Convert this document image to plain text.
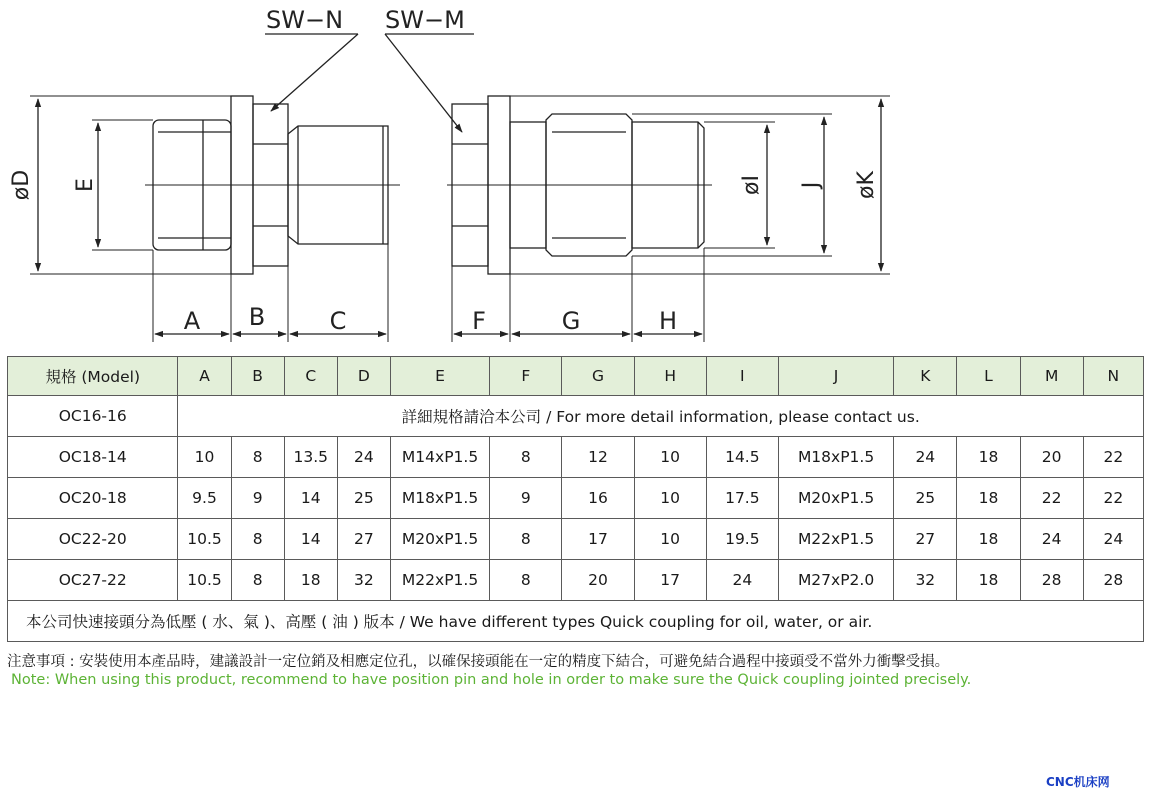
SW−N SW−M
øD E
A B	C	F	G	H
øI J øK
規格 (Model)	A	B	C	D	E	F	G	H	I	J	K	L	M	N
OC16-16	詳細規格請洽本公司 / For more detail information, please contact us.													
OC18-14	10	8	13.5	24	M14xP1.5	8	12	10	14.5	M18xP1.5	24	18	20	22
OC20-18	9.5	9	14	25	M18xP1.5	9	16	10	17.5	M20xP1.5	25	18	22	22
OC22-20	10.5	8	14	27	M20xP1.5	8	17	10	19.5	M22xP1.5	27	18	24	24
OC27-22	10.5	8	18	32	M22xP1.5	8	20	17	24	M27xP2.0	32	18	28	28
本公司快速接頭分為低壓 ( 水、氣 )、高壓 ( 油 ) 版本 / We have different types Quick coupling for oil, water, or air.														
注意事項 : 安裝使用本產品時，建議設計一定位銷及相應定位孔，以確保接頭能在一定的精度下結合，可避免結合過程中接頭受不當外力衝擊受損。
Note: When using this product, recommend to have position pin and hole in order to make sure the Quick coupling jointed precisely.
CNC机床网
